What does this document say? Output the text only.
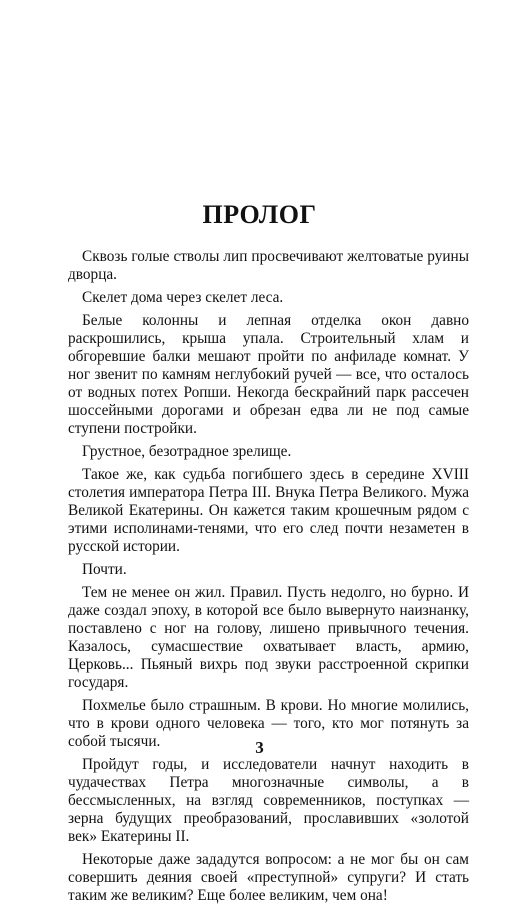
ПРОЛОГ

Сквозь голые стволы лип просвечивают желтоватые руины дворца.

Скелет дома через скелет леса.

Белые колонны и лепная отделка окон давно раскрошились, крыша упала. Строительный хлам и обгоревшие балки мешают пройти по анфиладе комнат. У ног звенит по камням неглубокий ручей — все, что осталось от водных потех Ропши. Некогда бескрайний парк рассечен шоссейными дорогами и обрезан едва ли не под самые ступени постройки.

Грустное, безотрадное зрелище.

Такое же, как судьба погибшего здесь в середине XVIII столетия императора Петра III. Внука Петра Великого. Мужа Великой Екатерины. Он кажется таким крошечным рядом с этими исполинами-тенями, что его след почти незаметен в русской истории.

Почти.

Тем не менее он жил. Правил. Пусть недолго, но бурно. И даже создал эпоху, в которой все было вывернуто наизнанку, поставлено с ног на голову, лишено привычного течения. Казалось, сумасшествие охватывает власть, армию, Церковь... Пьяный вихрь под звуки расстроенной скрипки государя.

Похмелье было страшным. В крови. Но многие молились, что в крови одного человека — того, кто мог потянуть за собой тысячи.

Пройдут годы, и исследователи начнут находить в чудачествах Петра многозначные символы, а в бессмысленных, на взгляд современников, поступках — зерна будущих преобразований, прославивших «золотой век» Екатерины II.

Некоторые даже зададутся вопросом: а не мог бы он сам совершить деяния своей «преступной» супруги? И стать таким же великим? Еще более великим, чем она!

3
